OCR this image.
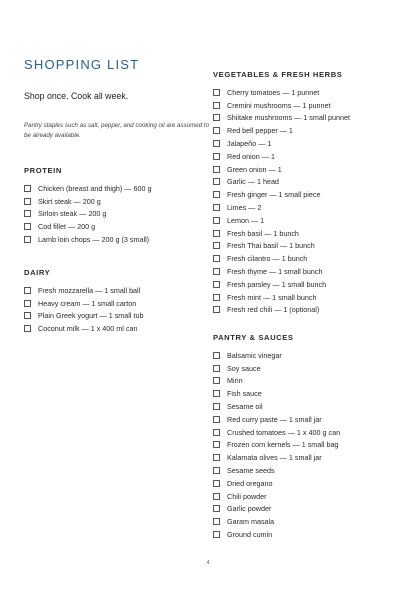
SHOPPING LIST
Shop once. Cook all week.
Pantry staples such as salt, pepper, and cooking oil are assumed to be already available.
PROTEIN
Chicken (breast and thigh) — 600 g
Skirt steak — 200 g
Sirloin steak — 200 g
Cod fillet — 200 g
Lamb loin chops — 200 g (3 small)
DAIRY
Fresh mozzarella — 1 small ball
Heavy cream — 1 small carton
Plain Greek yogurt — 1 small tub
Coconut milk — 1 x 400 ml can
VEGETABLES & FRESH HERBS
Cherry tomatoes — 1 punnet
Cremini mushrooms — 1 punnet
Shiitake mushrooms — 1 small punnet
Red bell pepper — 1
Jalapeño — 1
Red onion — 1
Green onion — 1
Garlic — 1 head
Fresh ginger — 1 small piece
Limes — 2
Lemon — 1
Fresh basil — 1 bunch
Fresh Thai basil — 1 bunch
Fresh cilantro — 1 bunch
Fresh thyme — 1 small bunch
Fresh parsley — 1 small bunch
Fresh mint — 1 small bunch
Fresh red chili — 1 (optional)
PANTRY & SAUCES
Balsamic vinegar
Soy sauce
Mirin
Fish sauce
Sesame oil
Red curry paste — 1 small jar
Crushed tomatoes — 1 x 400 g can
Frozen corn kernels — 1 small bag
Kalamata olives — 1 small jar
Sesame seeds
Dried oregano
Chili powder
Garlic powder
Garam masala
Ground cumin
4
